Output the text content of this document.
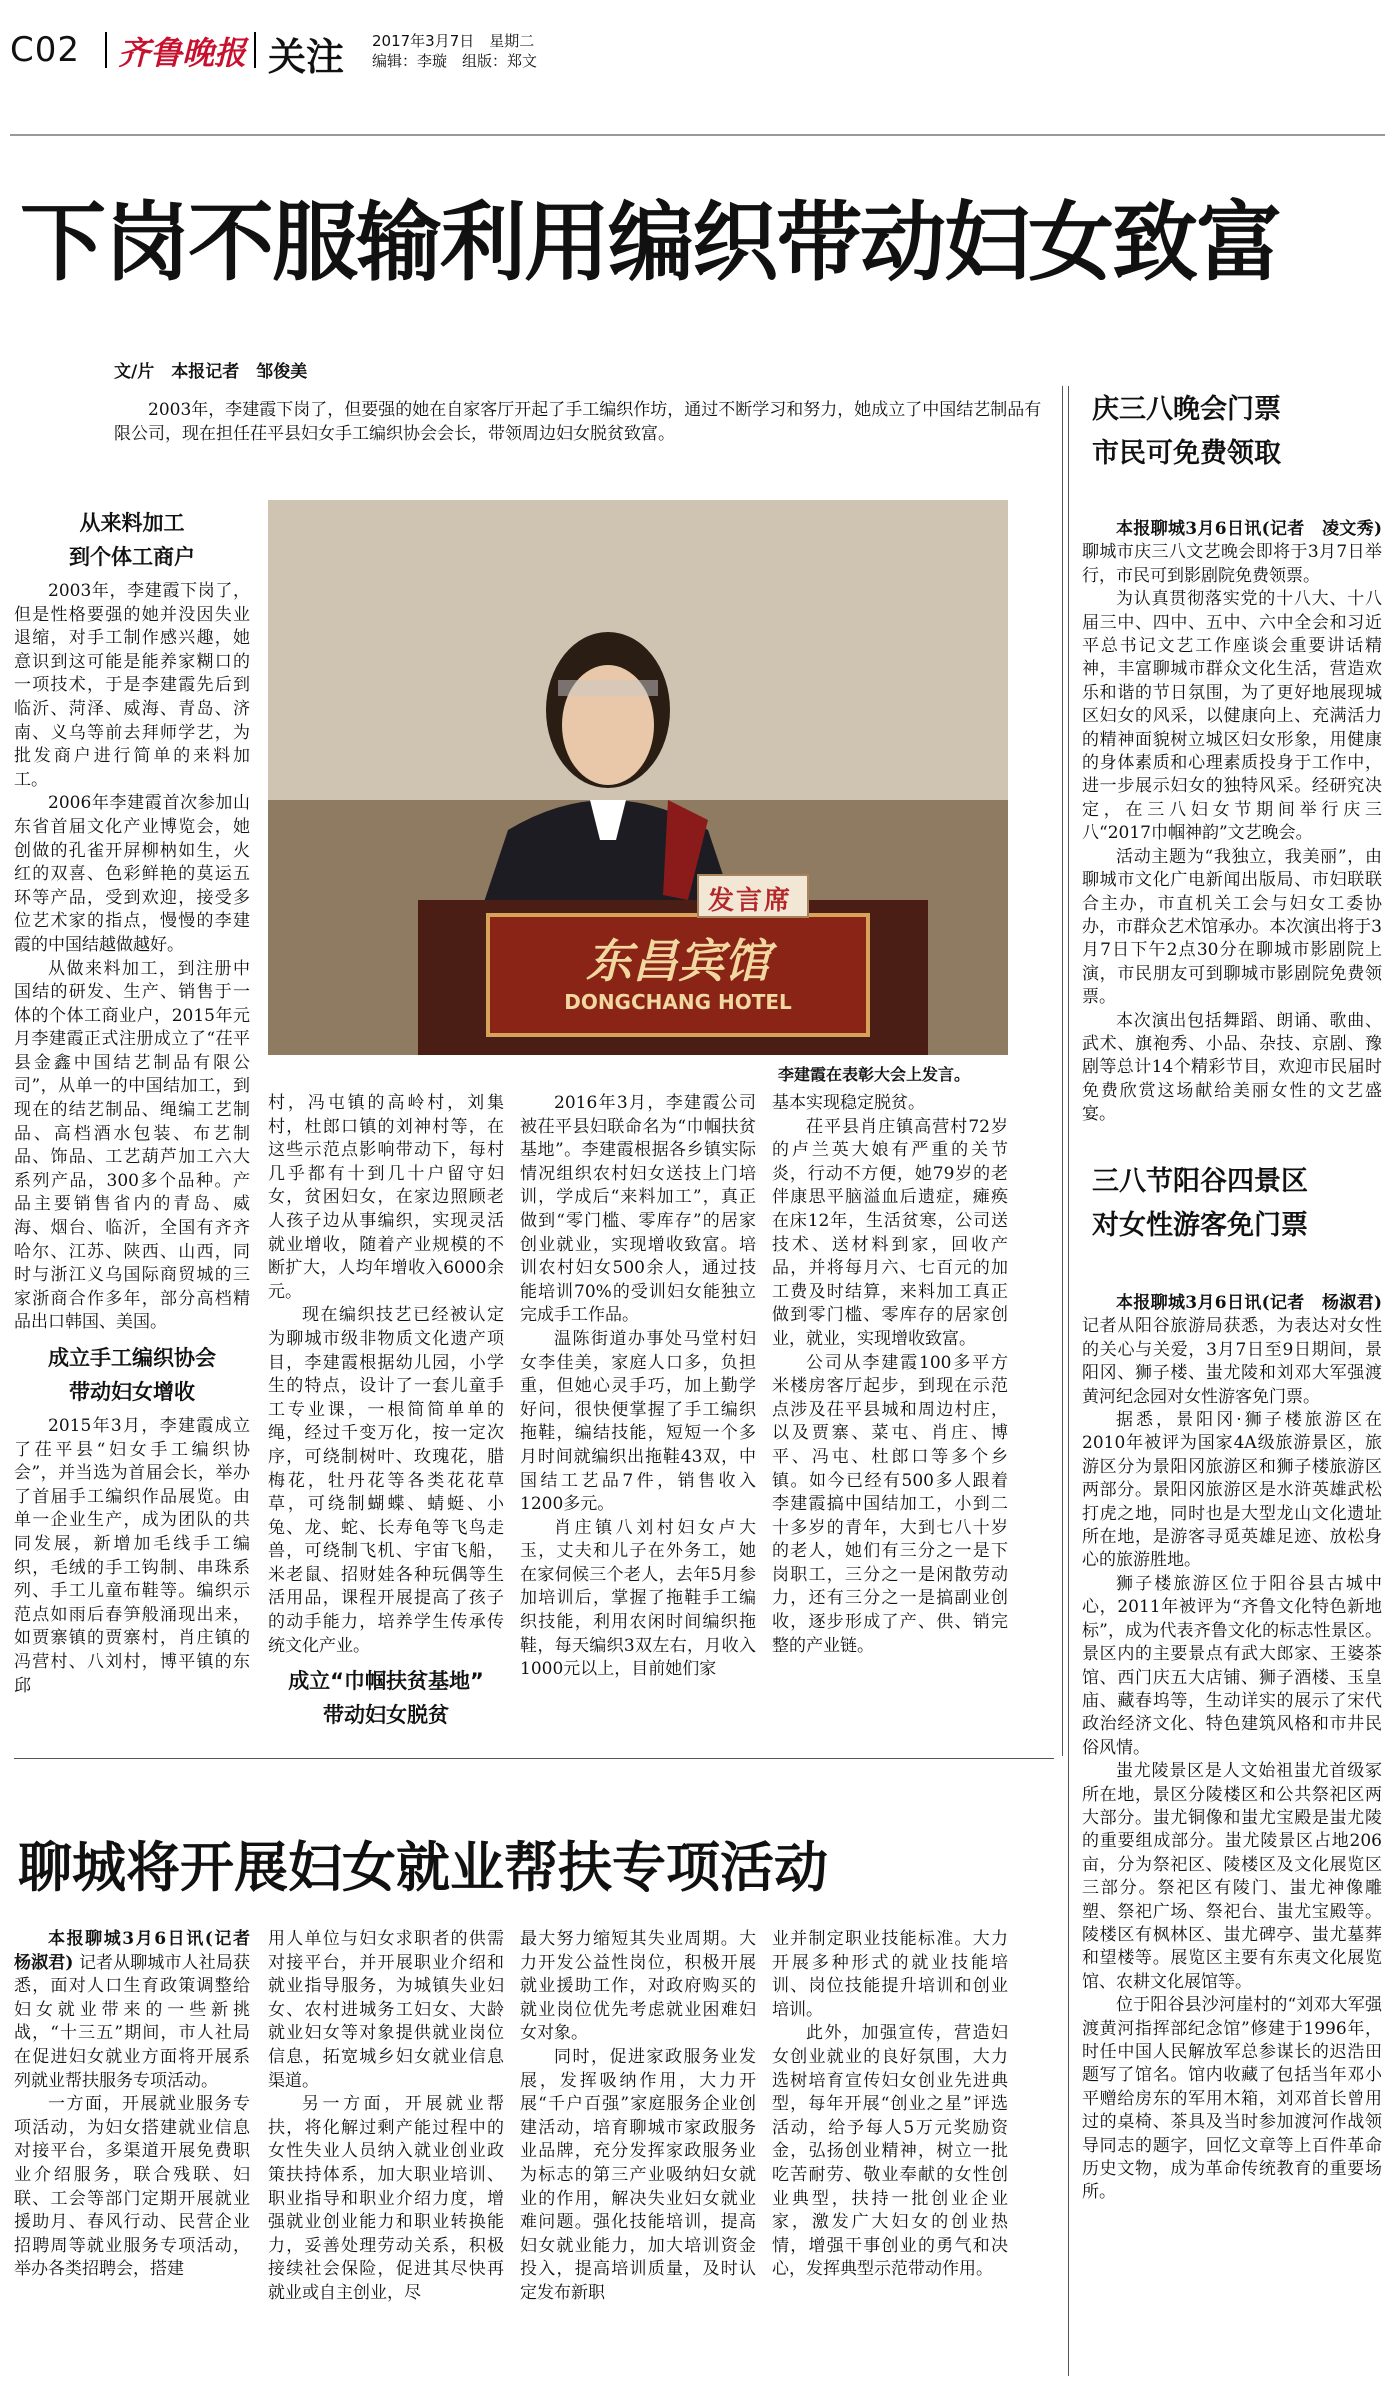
C02 齐鲁晚报 关注 2017年3月7日　星期二
编辑：李璇　组版：郑文
下岗不服输利用编织带动妇女致富
文/片　本报记者　邹俊美
2003年，李建霞下岗了，但要强的她在自家客厅开起了手工编织作坊，通过不断学习和努力，她成立了中国结艺制品有限公司，现在担任茌平县妇女手工编织协会会长，带领周边妇女脱贫致富。
发言席
东昌宾馆
DONGCHANG HOTEL
李建霞在表彰大会上发言。

从来料加工
到个体工商户

2003年，李建霞下岗了，但是性格要强的她并没因失业退缩，对手工制作感兴趣，她意识到这可能是能养家糊口的一项技术，于是李建霞先后到临沂、菏泽、威海、青岛、济南、义乌等前去拜师学艺，为批发商户进行简单的来料加工。

2006年李建霞首次参加山东省首届文化产业博览会，她创做的孔雀开屏柳枘如生，火红的双喜、色彩鲜艳的莫运五环等产品，受到欢迎，接受多位艺术家的指点，慢慢的李建霞的中国结越做越好。

从做来料加工，到注册中国结的研发、生产、销售于一体的个体工商业户，2015年元月李建霞正式注册成立了“茌平县金鑫中国结艺制品有限公司”，从单一的中国结加工，到现在的结艺制品、绳编工艺制品、高档酒水包装、布艺制品、饰品、工艺葫芦加工六大系列产品，300多个品种。产品主要销售省内的青岛、威海、烟台、临沂，全国有齐齐哈尔、江苏、陕西、山西，同时与浙江义乌国际商贸城的三家浙商合作多年，部分高档精品出口韩国、美国。

成立手工编织协会
带动妇女增收

2015年3月，李建霞成立了茌平县“妇女手工编织协会”，并当选为首届会长，举办了首届手工编织作品展览。由单一企业生产，成为团队的共同发展，新增加毛线手工编织，毛绒的手工钩制、串珠系列、手工儿童布鞋等。编织示范点如雨后春笋般涌现出来，如贾寨镇的贾寨村，肖庄镇的冯营村、八刘村，博平镇的东邱

村，冯屯镇的高岭村，刘集村，杜郎口镇的刘神村等，在这些示范点影响带动下，每村几乎都有十到几十户留守妇女，贫困妇女，在家边照顾老人孩子边从事编织，实现灵活就业增收，随着产业规模的不断扩大，人均年增收入6000余元。

现在编织技艺已经被认定为聊城市级非物质文化遗产项目，李建霞根据幼儿园，小学生的特点，设计了一套儿童手工专业课，一根简简单单的绳，经过千变万化，按一定次序，可绕制树叶、玫瑰花，腊梅花，牡丹花等各类花花草草，可绕制蝴蝶、蜻蜓、小兔、龙、蛇、长寿龟等飞鸟走兽，可绕制飞机、宇宙飞船，米老鼠、招财娃各种玩偶等生活用品，课程开展提高了孩子的动手能力，培养学生传承传统文化产业。

成立“巾帼扶贫基地”
带动妇女脱贫

2016年3月，李建霞公司被茌平县妇联命名为“巾帼扶贫基地”。李建霞根据各乡镇实际情况组织农村妇女送技上门培训，学成后“来料加工”，真正做到“零门槛、零库存”的居家创业就业，实现增收致富。培训农村妇女500余人，通过技能培训70%的受训妇女能独立完成手工作品。

温陈街道办事处马堂村妇女李佳美，家庭人口多，负担重，但她心灵手巧，加上勤学好问，很快便掌握了手工编织拖鞋，编结技能，短短一个多月时间就编织出拖鞋43双，中国结工艺品7件，销售收入1200多元。

肖庄镇八刘村妇女卢大玉，丈夫和儿子在外务工，她在家伺候三个老人，去年5月参加培训后，掌握了拖鞋手工编织技能，利用农闲时间编织拖鞋，每天编织3双左右，月收入1000元以上，目前她们家

基本实现稳定脱贫。

茌平县肖庄镇高营村72岁的卢兰英大娘有严重的关节炎，行动不方便，她79岁的老伴康思平脑溢血后遗症，瘫痪在床12年，生活贫寒，公司送技术、送材料到家，回收产品，并将每月六、七百元的加工费及时结算，来料加工真正做到零门槛、零库存的居家创业，就业，实现增收致富。

公司从李建霞100多平方米楼房客厅起步，到现在示范点涉及茌平县城和周边村庄，以及贾寨、菜屯、肖庄、博平、冯屯、杜郎口等多个乡镇。如今已经有500多人跟着李建霞搞中国结加工，小到二十多岁的青年，大到七八十岁的老人，她们有三分之一是下岗职工，三分之一是闲散劳动力，还有三分之一是搞副业创收，逐步形成了产、供、销完整的产业链。

聊城将开展妇女就业帮扶专项活动

本报聊城3月6日讯(记者　杨淑君) 记者从聊城市人社局获悉，面对人口生育政策调整给妇女就业带来的一些新挑战，“十三五”期间，市人社局在促进妇女就业方面将开展系列就业帮扶服务专项活动。

一方面，开展就业服务专项活动，为妇女搭建就业信息对接平台，多渠道开展免费职业介绍服务，联合残联、妇联、工会等部门定期开展就业援助月、春风行动、民营企业招聘周等就业服务专项活动，举办各类招聘会，搭建

用人单位与妇女求职者的供需对接平台，并开展职业介绍和就业指导服务，为城镇失业妇女、农村进城务工妇女、大龄就业妇女等对象提供就业岗位信息，拓宽城乡妇女就业信息渠道。

另一方面，开展就业帮扶，将化解过剩产能过程中的女性失业人员纳入就业创业政策扶持体系，加大职业培训、职业指导和职业介绍力度，增强就业创业能力和职业转换能力，妥善处理劳动关系，积极接续社会保险，促进其尽快再就业或自主创业，尽

最大努力缩短其失业周期。大力开发公益性岗位，积极开展就业援助工作，对政府购买的就业岗位优先考虑就业困难妇女对象。

同时，促进家政服务业发展，发挥吸纳作用，大力开展“千户百强”家庭服务企业创建活动，培育聊城市家政服务业品牌，充分发挥家政服务业为标志的第三产业吸纳妇女就业的作用，解决失业妇女就业难问题。强化技能培训，提高妇女就业能力，加大培训资金投入，提高培训质量，及时认定发布新职

业并制定职业技能标准。大力开展多种形式的就业技能培训、岗位技能提升培训和创业培训。

此外，加强宣传，营造妇女创业就业的良好氛围，大力选树培育宣传妇女创业先进典型，每年开展“创业之星”评选活动，给予每人5万元奖励资金，弘扬创业精神，树立一批吃苦耐劳、敬业奉献的女性创业典型，扶持一批创业企业家，激发广大妇女的创业热情，增强干事创业的勇气和决心，发挥典型示范带动作用。

庆三八晚会门票
市民可免费领取

本报聊城3月6日讯(记者　凌文秀) 聊城市庆三八文艺晚会即将于3月7日举行，市民可到影剧院免费领票。

为认真贯彻落实党的十八大、十八届三中、四中、五中、六中全会和习近平总书记文艺工作座谈会重要讲话精神，丰富聊城市群众文化生活，营造欢乐和谐的节日氛围，为了更好地展现城区妇女的风采，以健康向上、充满活力的精神面貌树立城区妇女形象，用健康的身体素质和心理素质投身于工作中，进一步展示妇女的独特风采。经研究决定，在三八妇女节期间举行庆三八“2017巾帼神韵”文艺晚会。

活动主题为“我独立，我美丽”，由聊城市文化广电新闻出版局、市妇联联合主办，市直机关工会与妇女工委协办，市群众艺术馆承办。本次演出将于3月7日下午2点30分在聊城市影剧院上演，市民朋友可到聊城市影剧院免费领票。

本次演出包括舞蹈、朗诵、歌曲、武术、旗袍秀、小品、杂技、京剧、豫剧等总计14个精彩节目，欢迎市民届时免费欣赏这场献给美丽女性的文艺盛宴。

三八节阳谷四景区
对女性游客免门票

本报聊城3月6日讯(记者　杨淑君) 记者从阳谷旅游局获悉，为表达对女性的关心与关爱，3月7日至9日期间，景阳冈、狮子楼、蚩尤陵和刘邓大军强渡黄河纪念园对女性游客免门票。

据悉，景阳冈·狮子楼旅游区在2010年被评为国家4A级旅游景区，旅游区分为景阳冈旅游区和狮子楼旅游区两部分。景阳冈旅游区是水浒英雄武松打虎之地，同时也是大型龙山文化遗址所在地，是游客寻觅英雄足迹、放松身心的旅游胜地。

狮子楼旅游区位于阳谷县古城中心，2011年被评为“齐鲁文化特色新地标”，成为代表齐鲁文化的标志性景区。景区内的主要景点有武大郎家、王婆茶馆、西门庆五大店铺、狮子酒楼、玉皇庙、藏春坞等，生动详实的展示了宋代政治经济文化、特色建筑风格和市井民俗风情。

蚩尤陵景区是人文始祖蚩尤首级冢所在地，景区分陵楼区和公共祭祀区两大部分。蚩尤铜像和蚩尤宝殿是蚩尤陵的重要组成部分。蚩尤陵景区占地206亩，分为祭祀区、陵楼区及文化展览区三部分。祭祀区有陵门、蚩尤神像雕塑、祭祀广场、祭祀台、蚩尤宝殿等。陵楼区有枫林区、蚩尤碑亭、蚩尤墓葬和望楼等。展览区主要有东夷文化展览馆、农耕文化展馆等。

位于阳谷县沙河崖村的“刘邓大军强渡黄河指挥部纪念馆”修建于1996年，时任中国人民解放军总参谋长的迟浩田题写了馆名。馆内收藏了包括当年邓小平赠给房东的军用木箱，刘邓首长曾用过的桌椅、茶具及当时参加渡河作战领导同志的题字，回忆文章等上百件革命历史文物，成为革命传统教育的重要场所。
